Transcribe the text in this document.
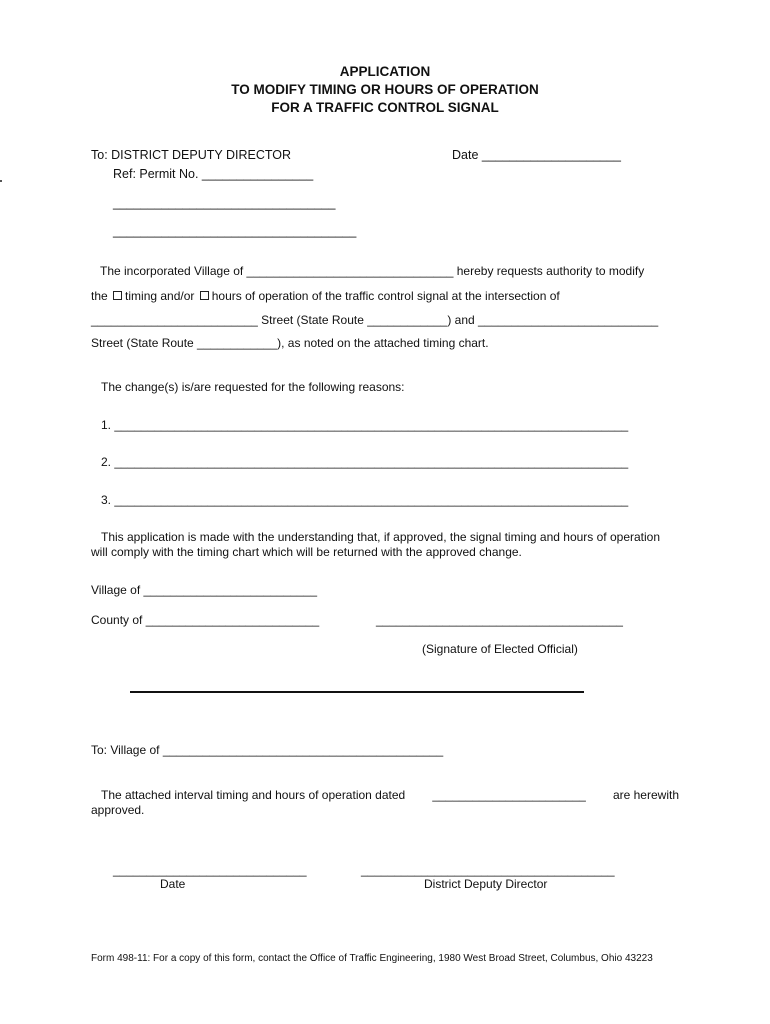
APPLICATION
TO MODIFY TIMING OR HOURS OF OPERATION
FOR A TRAFFIC CONTROL SIGNAL
To: DISTRICT DEPUTY DIRECTOR	Date ____________________
Ref: Permit No. ________________
________________________________
___________________________________
The incorporated Village of _______________________________ hereby requests authority to modify
the timing and/or hours of operation of the traffic control signal at the intersection of
_________________________ Street (State Route ____________) and ___________________________
Street (State Route ____________), as noted on the attached timing chart.
The change(s) is/are requested for the following reasons:
1. _____________________________________________________________________________
2. _____________________________________________________________________________
3. _____________________________________________________________________________
This application is made with the understanding that, if approved, the signal timing and hours of operation
will comply with the timing chart which will be returned with the approved change.
Village of __________________________
County of __________________________	_____________________________________
(Signature of Elected Official)
To: Village of __________________________________________
The attached interval timing and hours of operation dated _______________________ are herewith
approved.
_____________________________
Date
______________________________________
District Deputy Director
Form 498-11: For a copy of this form, contact the Office of Traffic Engineering, 1980 West Broad Street, Columbus, Ohio 43223
